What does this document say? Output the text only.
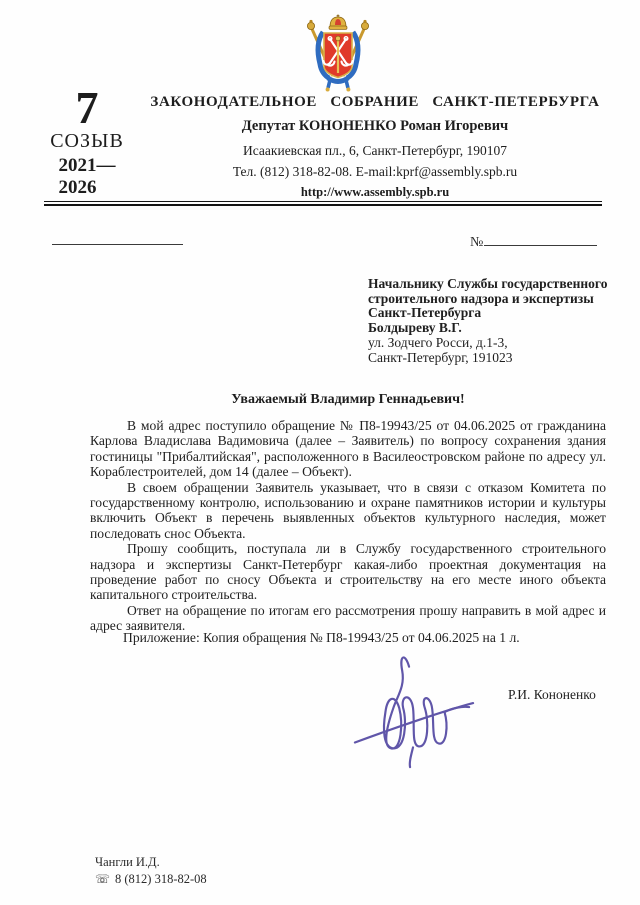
7
СОЗЫВ
2021—
2026
ЗАКОНОДАТЕЛЬНОЕ СОБРАНИЕ САНКТ-ПЕТЕРБУРГА
Депутат КОНОНЕНКО Роман Игоревич
Исаакиевская пл., 6, Санкт-Петербург, 190107
Тел. (812) 318-82-08. E-mail:kprf@assembly.spb.ru
http://www.assembly.spb.ru
№
Начальнику Службы государственного
строительного надзора и экспертизы
Санкт-Петербурга
Болдыреву В.Г.
ул. Зодчего Росси, д.1-3,
Санкт-Петербург, 191023
Уважаемый Владимир Геннадьевич!

В мой адрес поступило обращение № П8-19943/25 от 04.06.2025 от гражданина Карлова Владислава Вадимовича (далее – Заявитель) по вопросу сохранения здания гостиницы "Прибалтийская", расположенного в Василеостровском районе по адресу ул. Кораблестроителей, дом 14 (далее – Объект).

В своем обращении Заявитель указывает, что в связи с отказом Комитета по государственному контролю, использованию и охране памятников истории и культуры включить Объект в перечень выявленных объектов культурного наследия, может последовать снос Объекта.

Прошу сообщить, поступала ли в Службу государственного строительного надзора и экспертизы Санкт-Петербург какая-либо проектная документация на проведение работ по сносу Объекта и строительству на его месте иного объекта капитального строительства.

Ответ на обращение по итогам его рассмотрения прошу направить в мой адрес и адрес заявителя.

Приложение: Копия обращения № П8-19943/25 от 04.06.2025 на 1 л.
Р.И. Кононенко
Чангли И.Д.
☏ 8 (812) 318-82-08
